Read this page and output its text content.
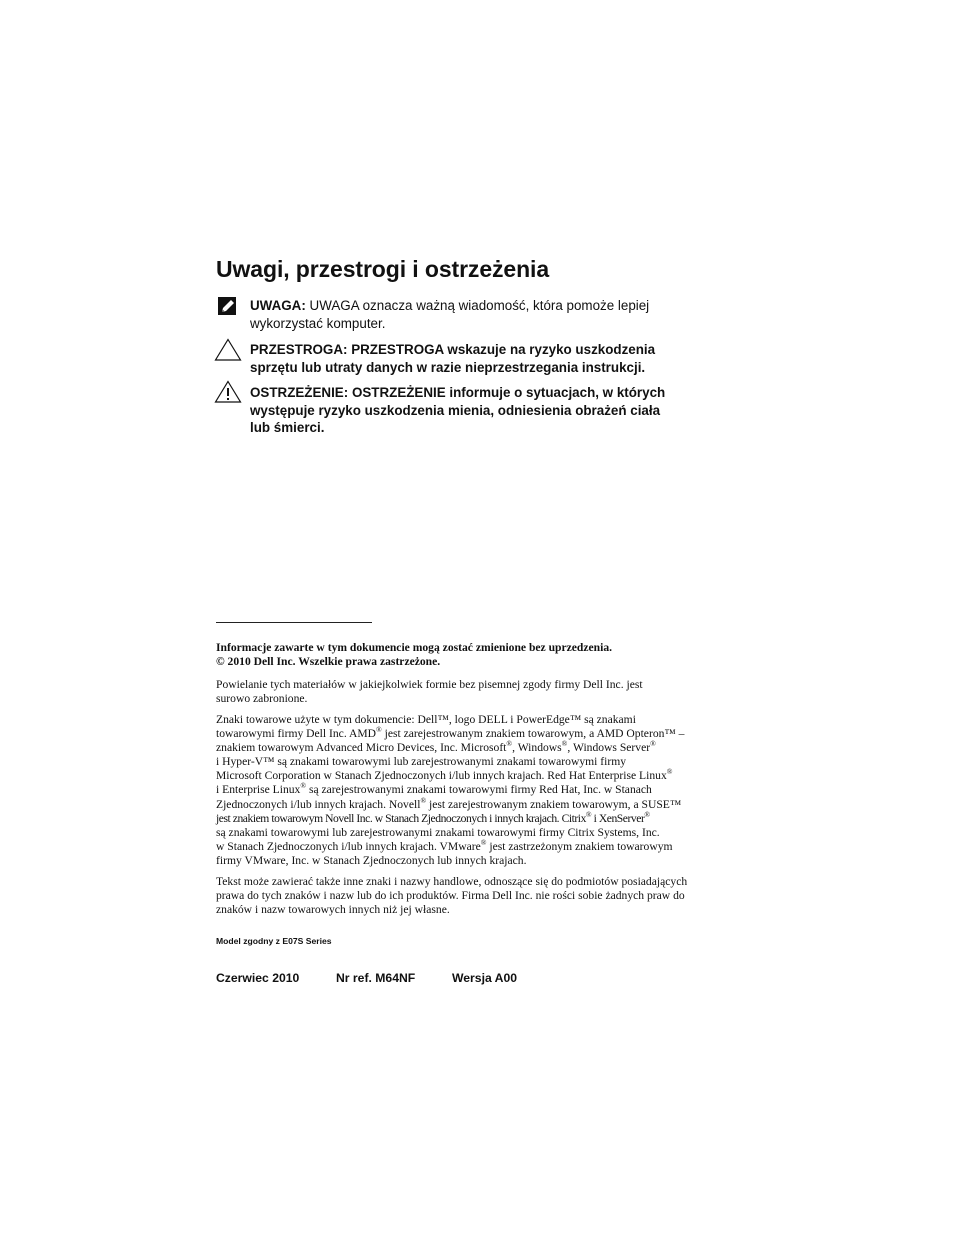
Uwagi, przestrogi i ostrzeżenia
UWAGA: UWAGA oznacza ważną wiadomość, która pomoże lepiej
wykorzystać komputer.
PRZESTROGA: PRZESTROGA wskazuje na ryzyko uszkodzenia
sprzętu lub utraty danych w razie nieprzestrzegania instrukcji.
OSTRZEŻENIE: OSTRZEŻENIE informuje o sytuacjach, w których
występuje ryzyko uszkodzenia mienia, odniesienia obrażeń ciała
lub śmierci.
Informacje zawarte w tym dokumencie mogą zostać zmienione bez uprzedzenia.
© 2010 Dell Inc. Wszelkie prawa zastrzeżone.
Powielanie tych materiałów w jakiejkolwiek formie bez pisemnej zgody firmy Dell Inc. jest
surowo zabronione.
Znaki towarowe użyte w tym dokumencie: Dell™, logo DELL i PowerEdge™ są znakami
towarowymi firmy Dell Inc. AMD® jest zarejestrowanym znakiem towarowym, a AMD Opteron™ –
znakiem towarowym Advanced Micro Devices, Inc. Microsoft®, Windows®, Windows Server®
i Hyper-V™ są znakami towarowymi lub zarejestrowanymi znakami towarowymi firmy
Microsoft Corporation w Stanach Zjednoczonych i/lub innych krajach. Red Hat Enterprise Linux®
i Enterprise Linux® są zarejestrowanymi znakami towarowymi firmy Red Hat, Inc. w Stanach
Zjednoczonych i/lub innych krajach. Novell® jest zarejestrowanym znakiem towarowym, a SUSE™
jest znakiem towarowym Novell Inc. w Stanach Zjednoczonych i innych krajach. Citrix® i XenServer®
są znakami towarowymi lub zarejestrowanymi znakami towarowymi firmy Citrix Systems, Inc.
w Stanach Zjednoczonych i/lub innych krajach. VMware® jest zastrzeżonym znakiem towarowym
firmy VMware, Inc. w Stanach Zjednoczonych lub innych krajach.
Tekst może zawierać także inne znaki i nazwy handlowe, odnoszące się do podmiotów posiadających
prawa do tych znaków i nazw lub do ich produktów. Firma Dell Inc. nie rości sobie żadnych praw do
znaków i nazw towarowych innych niż jej własne.
Model zgodny z E07S Series
Czerwiec 2010	Nr ref. M64NF	Wersja A00
